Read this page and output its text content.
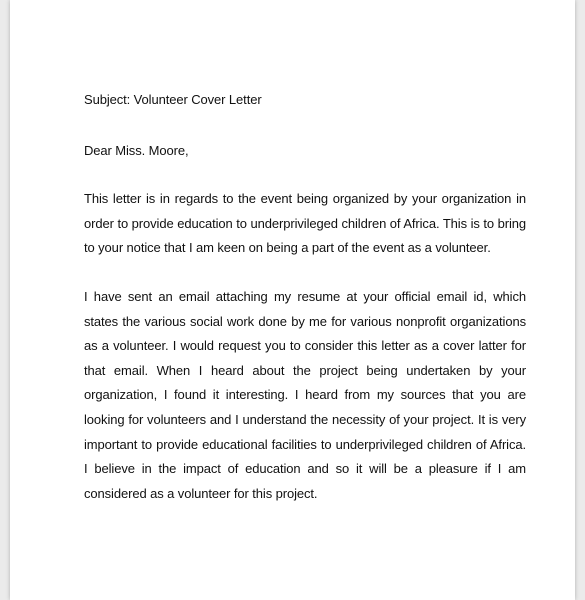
Subject: Volunteer Cover Letter
Dear Miss. Moore,

This letter is in regards to the event being organized by your organization in order to provide education to underprivileged children of Africa. This is to bring to your notice that I am keen on being a part of the event as a volunteer.

I have sent an email attaching my resume at your official email id, which states the various social work done by me for various nonprofit organizations as a volunteer. I would request you to consider this letter as a cover latter for that email. When I heard about the project being undertaken by your organization, I found it interesting. I heard from my sources that you are looking for volunteers and I understand the necessity of your project. It is very important to provide educational facilities to underprivileged children of Africa. I believe in the impact of education and so it will be a pleasure if I am considered as a volunteer for this project.
